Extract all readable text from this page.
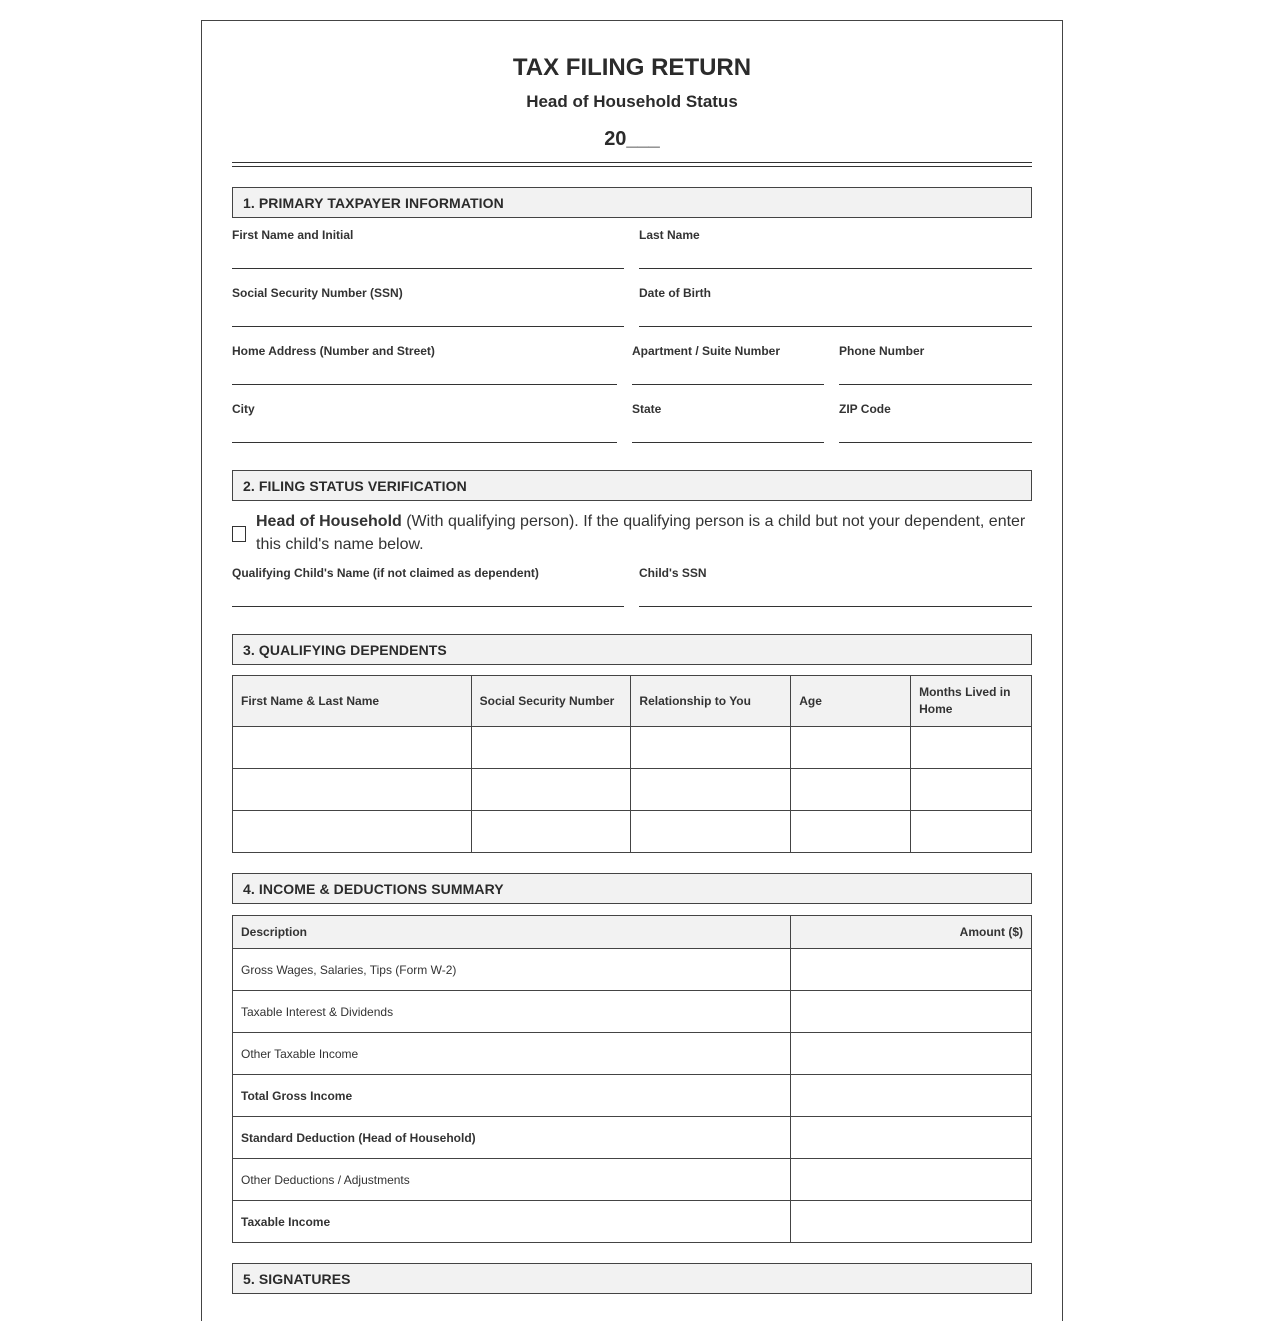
TAX FILING RETURN
Head of Household Status
20___
1. PRIMARY TAXPAYER INFORMATION
First Name and Initial	Last Name
Social Security Number (SSN)	Date of Birth
Home Address (Number and Street)	Apartment / Suite Number	Phone Number
City	State	ZIP Code
2. FILING STATUS VERIFICATION
Head of Household (With qualifying person). If the qualifying person is a child but not your dependent, enter this child's name below.
Qualifying Child's Name (if not claimed as dependent)	Child's SSN
3. QUALIFYING DEPENDENTS
First Name & Last Name	Social Security Number	Relationship to You	Age	Months Lived in Home

4. INCOME & DEDUCTIONS SUMMARY
Description	Amount ($)
Gross Wages, Salaries, Tips (Form W-2)	
Taxable Interest & Dividends	
Other Taxable Income	
Total Gross Income	
Standard Deduction (Head of Household)	
Other Deductions / Adjustments	
Taxable Income	
5. SIGNATURES
